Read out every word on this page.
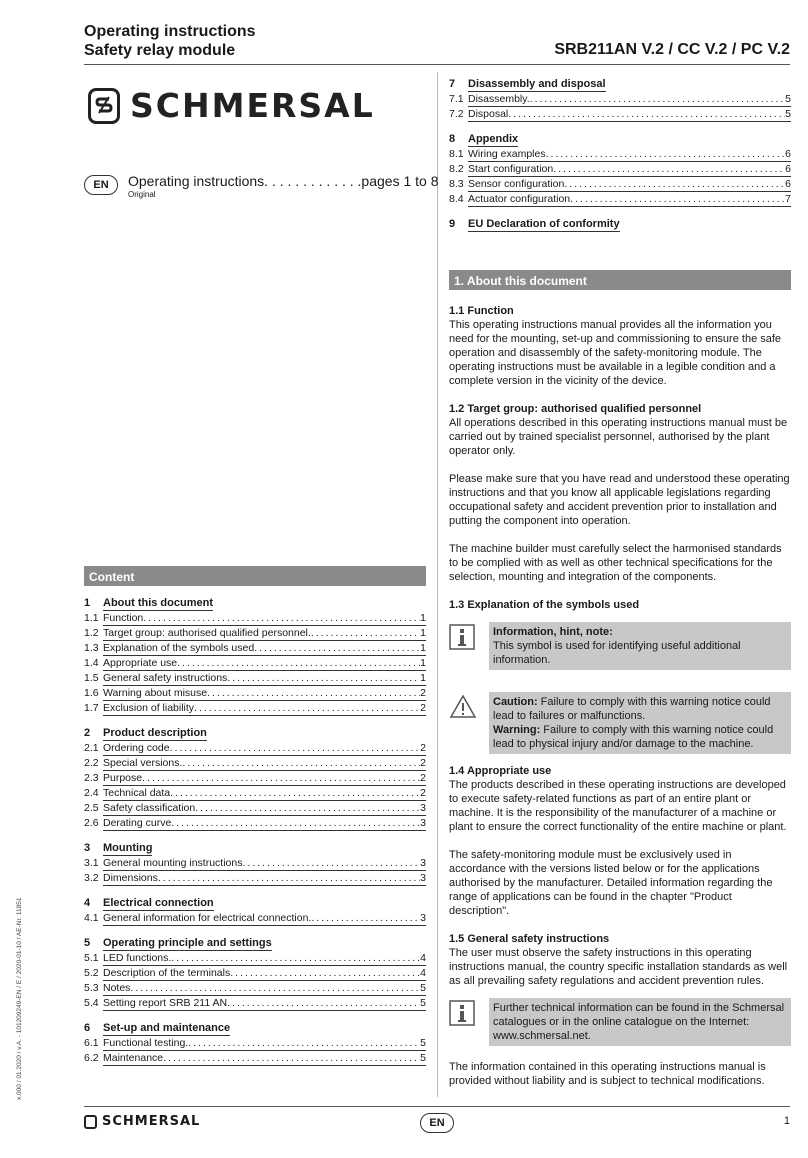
Operating instructions
Safety relay module	SRB211AN V.2 / CC V.2 / PC V.2
SCHMERSAL
EN	Operating instructions. . . . . . . . . . . . .pages 1 to 8
Original
Content
1	About this document
1.1 Function .....	1
1.2 Target group: authorised qualified personnel. .....	1
1.3 Explanation of the symbols used .....	1
1.4 Appropriate use .....	1
1.5 General safety instructions .....	1
1.6 Warning about misuse .....	2
1.7 Exclusion of liability .....	2
2	Product description
2.1 Ordering code .....	2
2.2 Special versions. .....	2
2.3 Purpose .....	2
2.4 Technical data .....	2
2.5 Safety classification .....	3
2.6 Derating curve .....	3
3	Mounting
3.1 General mounting instructions .....	3
3.2 Dimensions .....	3
4	Electrical connection
4.1 General information for electrical connection. .....	3
5	Operating principle and settings
5.1 LED functions. .....	4
5.2 Description of the terminals .....	4
5.3 Notes .....	5
5.4 Setting report SRB 211 AN .....	5
6	Set-up and maintenance
6.1 Functional testing. .....	5
6.2 Maintenance .....	5
7	Disassembly and disposal
7.1 Disassembly. .....	5
7.2 Disposal .....	5
8	Appendix
8.1 Wiring examples .....	6
8.2 Start configuration .....	6
8.3 Sensor configuration .....	6
8.4 Actuator configuration .....	7
9	EU Declaration of conformity
1. About this document
1.1 Function
This operating instructions manual provides all the information you need for the mounting, set-up and commissioning to ensure the safe operation and disassembly of the safety-monitoring module. The operating instructions must be available in a legible condition and a complete version in the vicinity of the device.
1.2 Target group: authorised qualified personnel
All operations described in this operating instructions manual must be carried out by trained specialist personnel, authorised by the plant operator only.
Please make sure that you have read and understood these operating instructions and that you know all applicable legislations regarding occupational safety and accident prevention prior to installation and putting the component into operation.
The machine builder must carefully select the harmonised standards to be complied with as well as other technical specifications for the selection, mounting and integration of the components.
1.3 Explanation of the symbols used
Information, hint, note:
This symbol is used for identifying useful additional information.
Caution: Failure to comply with this warning notice could lead to failures or malfunctions.
Warning: Failure to comply with this warning notice could lead to physical injury and/or damage to the machine.
1.4 Appropriate use
The products described in these operating instructions are developed to execute safety-related functions as part of an entire plant or machine. It is the responsibility of the manufacturer of a machine or plant to ensure the correct functionality of the entire machine or plant.
The safety-monitoring module must be exclusively used in accordance with the versions listed below or for the applications authorised by the manufacturer. Detailed information regarding the range of applications can be found in the chapter "Product description".
1.5 General safety instructions
The user must observe the safety instructions in this operating instructions manual, the country specific installation standards as well as all prevailing safety regulations and accident prevention rules.
Further technical information can be found in the Schmersal catalogues or in the online catalogue on the Internet: www.schmersal.net.
The information contained in this operating instructions manual is provided without liability and is subject to technical modifications.
x.000 / 01.2020 / v.A. - 101209249-EN / E / 2020-01-10 / AE-Nr. 11851
SCHMERSAL	EN	1
